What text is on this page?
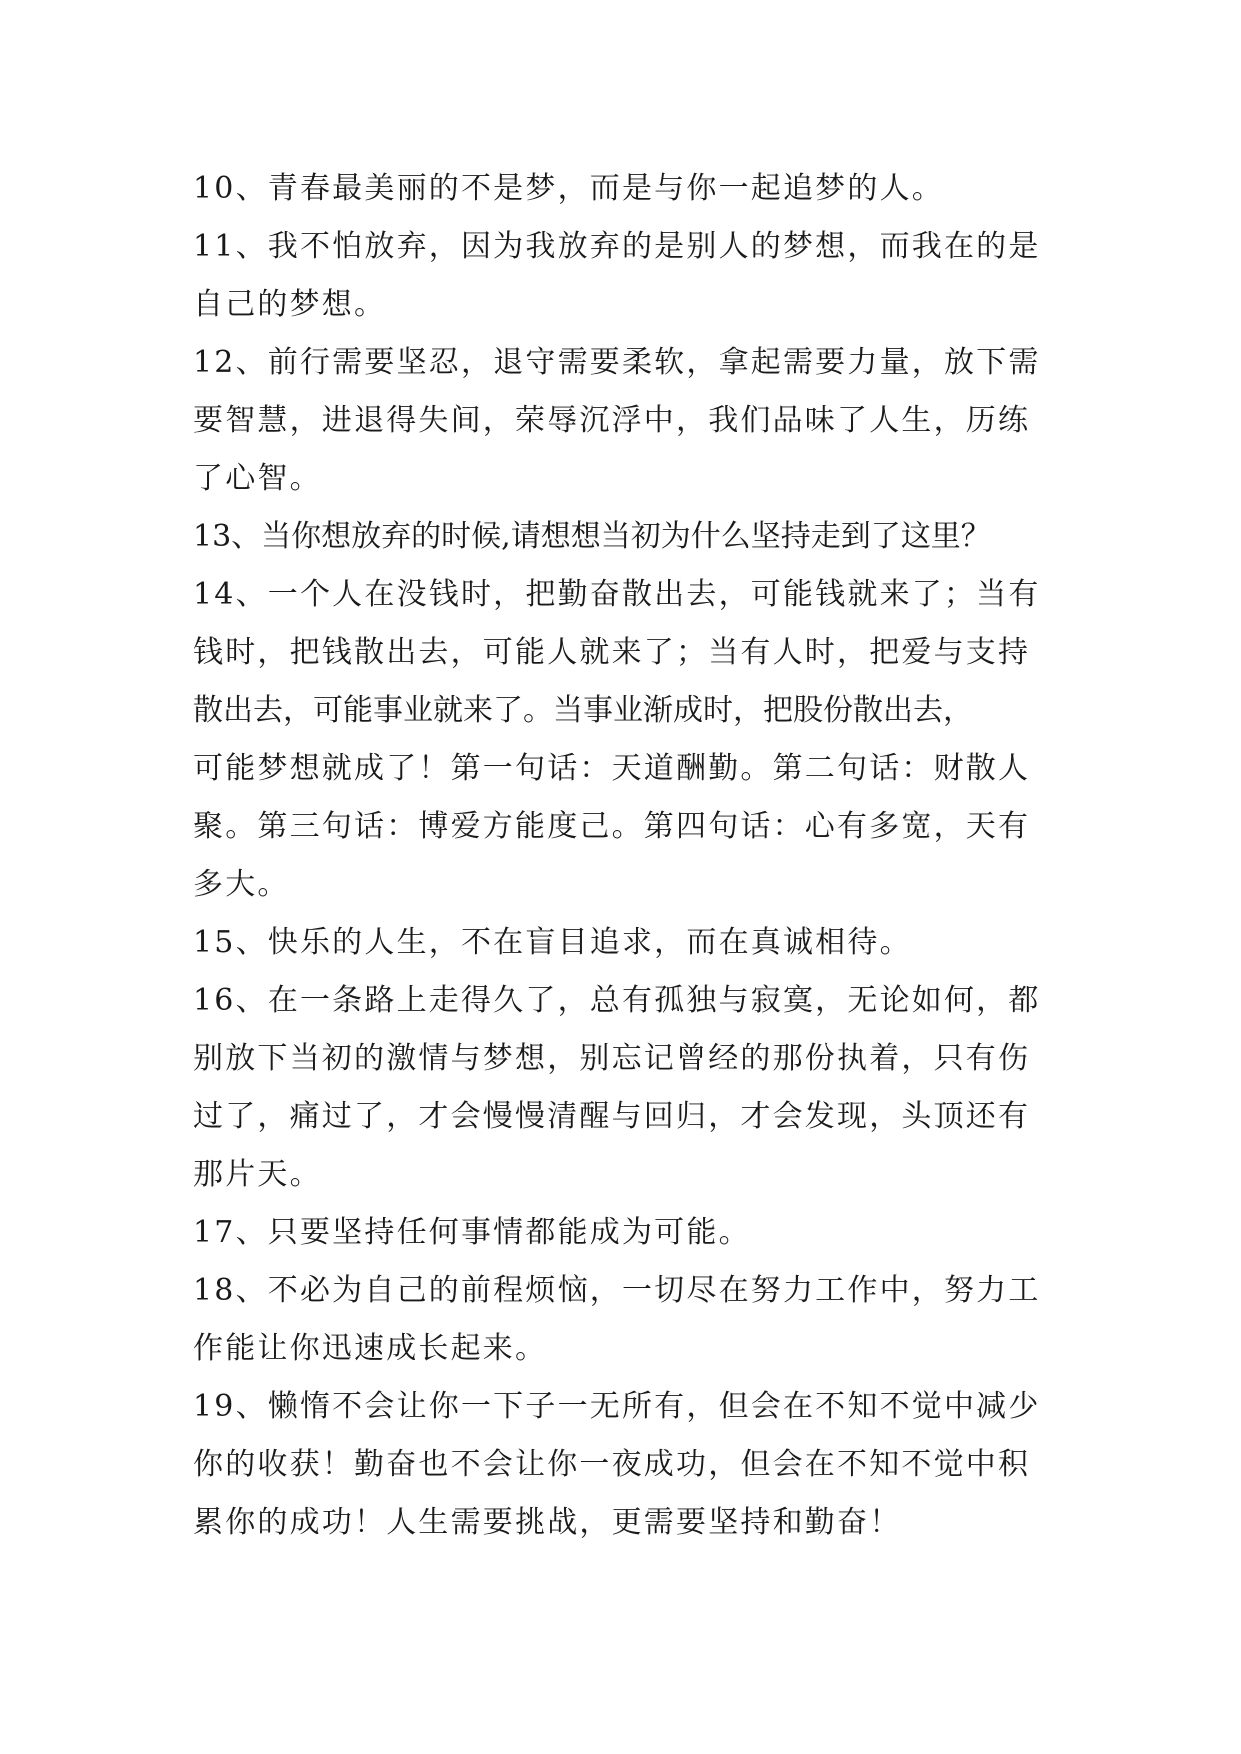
10、青春最美丽的不是梦，而是与你一起追梦的人。
11、我不怕放弃，因为我放弃的是别人的梦想，而我在的是
自己的梦想。
12、前行需要坚忍，退守需要柔软，拿起需要力量，放下需
要智慧，进退得失间，荣辱沉浮中，我们品味了人生，历练
了心智。
13、当你想放弃的时候,请想想当初为什么坚持走到了这里？
14、一个人在没钱时，把勤奋散出去，可能钱就来了；当有
钱时，把钱散出去，可能人就来了；当有人时，把爱与支持
散出去，可能事业就来了。当事业渐成时，把股份散出去，
可能梦想就成了！第一句话：天道酬勤。第二句话：财散人
聚。第三句话：博爱方能度己。第四句话：心有多宽，天有
多大。
15、快乐的人生，不在盲目追求，而在真诚相待。
16、在一条路上走得久了，总有孤独与寂寞，无论如何，都
别放下当初的激情与梦想，别忘记曾经的那份执着，只有伤
过了，痛过了，才会慢慢清醒与回归，才会发现，头顶还有
那片天。
17、只要坚持任何事情都能成为可能。
18、不必为自己的前程烦恼，一切尽在努力工作中，努力工
作能让你迅速成长起来。
19、懒惰不会让你一下子一无所有，但会在不知不觉中减少
你的收获！勤奋也不会让你一夜成功，但会在不知不觉中积
累你的成功！人生需要挑战，更需要坚持和勤奋！
